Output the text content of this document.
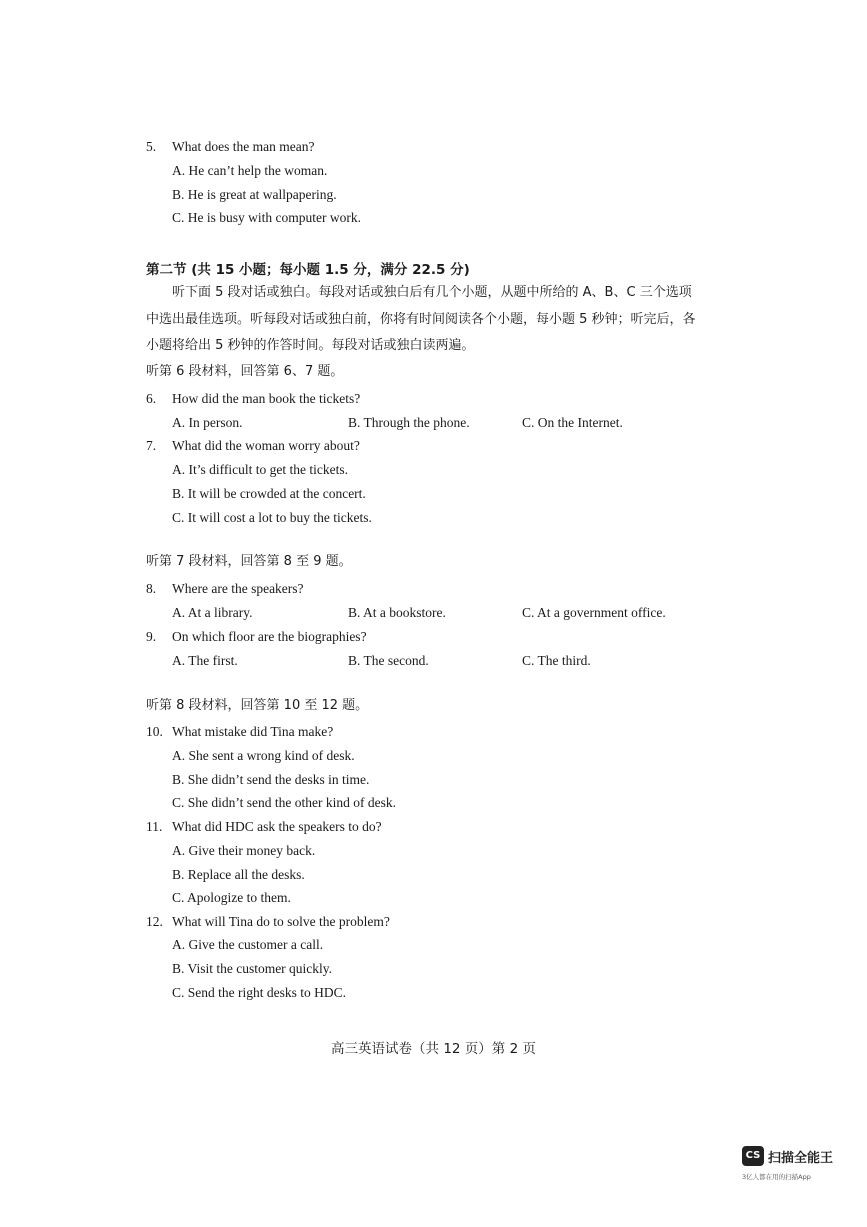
5. What does the man mean?
A. He can’t help the woman.
B. He is great at wallpapering.
C. He is busy with computer work.
第二节 (共 15 小题；每小题 1.5 分，满分 22.5 分)
听下面 5 段对话或独白。每段对话或独白后有几个小题，从题中所给的 A、B、C 三个选项
中选出最佳选项。听每段对话或独白前，你将有时间阅读各个小题，每小题 5 秒钟；听完后，各
小题将给出 5 秒钟的作答时间。每段对话或独白读两遍。
听第 6 段材料，回答第 6、7 题。
6. How did the man book the tickets?
A. In person.	B. Through the phone.	C. On the Internet.
7. What did the woman worry about?
A. It’s difficult to get the tickets.
B. It will be crowded at the concert.
C. It will cost a lot to buy the tickets.
听第 7 段材料，回答第 8 至 9 题。
8. Where are the speakers?
A. At a library.	B. At a bookstore.	C. At a government office.
9. On which floor are the biographies?
A. The first.	B. The second.	C. The third.
听第 8 段材料，回答第 10 至 12 题。
10. What mistake did Tina make?
A. She sent a wrong kind of desk.
B. She didn’t send the desks in time.
C. She didn’t send the other kind of desk.
11. What did HDC ask the speakers to do?
A. Give their money back.
B. Replace all the desks.
C. Apologize to them.
12. What will Tina do to solve the problem?
A. Give the customer a call.
B. Visit the customer quickly.
C. Send the right desks to HDC.
高三英语试卷（共 12 页）第 2 页
CS 扫描全能王
3亿人都在用的扫描App
